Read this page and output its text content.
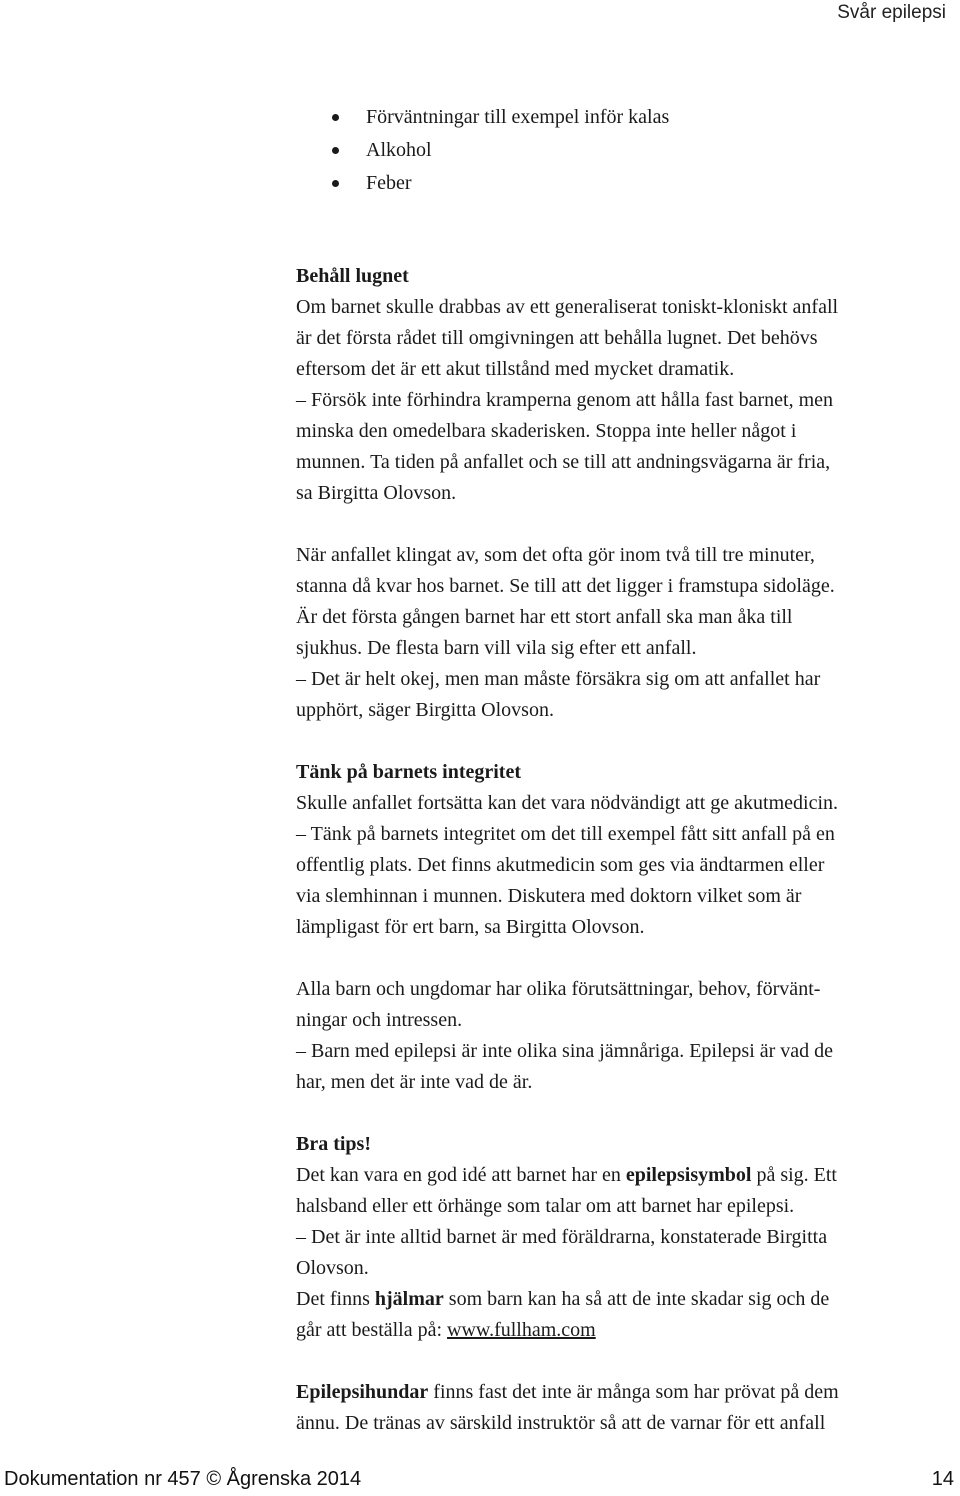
Svår epilepsi
Förväntningar till exempel inför kalas
Alkohol
Feber

Behåll lugnet

Om barnet skulle drabbas av ett generaliserat toniskt-kloniskt anfall

är det första rådet till omgivningen att behålla lugnet. Det behövs

eftersom det är ett akut tillstånd med mycket dramatik.

– Försök inte förhindra kramperna genom att hålla fast barnet, men

minska den omedelbara skaderisken. Stoppa inte heller något i

munnen. Ta tiden på anfallet och se till att andningsvägarna är fria,

sa Birgitta Olovson.

När anfallet klingat av, som det ofta gör inom två till tre minuter,

stanna då kvar hos barnet. Se till att det ligger i framstupa sidoläge.

Är det första gången barnet har ett stort anfall ska man åka till

sjukhus. De flesta barn vill vila sig efter ett anfall.

– Det är helt okej, men man måste försäkra sig om att anfallet har

upphört, säger Birgitta Olovson.

Tänk på barnets integritet

Skulle anfallet fortsätta kan det vara nödvändigt att ge akutmedicin.

– Tänk på barnets integritet om det till exempel fått sitt anfall på en

offentlig plats. Det finns akutmedicin som ges via ändtarmen eller

via slemhinnan i munnen. Diskutera med doktorn vilket som är

lämpligast för ert barn, sa Birgitta Olovson.

Alla barn och ungdomar har olika förutsättningar, behov, förvänt-

ningar och intressen.

– Barn med epilepsi är inte olika sina jämnåriga. Epilepsi är vad de

har, men det är inte vad de är.

Bra tips!

Det kan vara en god idé att barnet har en epilepsisymbol på sig. Ett

halsband eller ett örhänge som talar om att barnet har epilepsi.

– Det är inte alltid barnet är med föräldrarna, konstaterade Birgitta

Olovson.

Det finns hjälmar som barn kan ha så att de inte skadar sig och de

går att beställa på: www.fullham.com

Epilepsihundar finns fast det inte är många som har prövat på dem

ännu. De tränas av särskild instruktör så att de varnar för ett anfall

Dokumentation nr 457 © Ågrenska 2014	14
